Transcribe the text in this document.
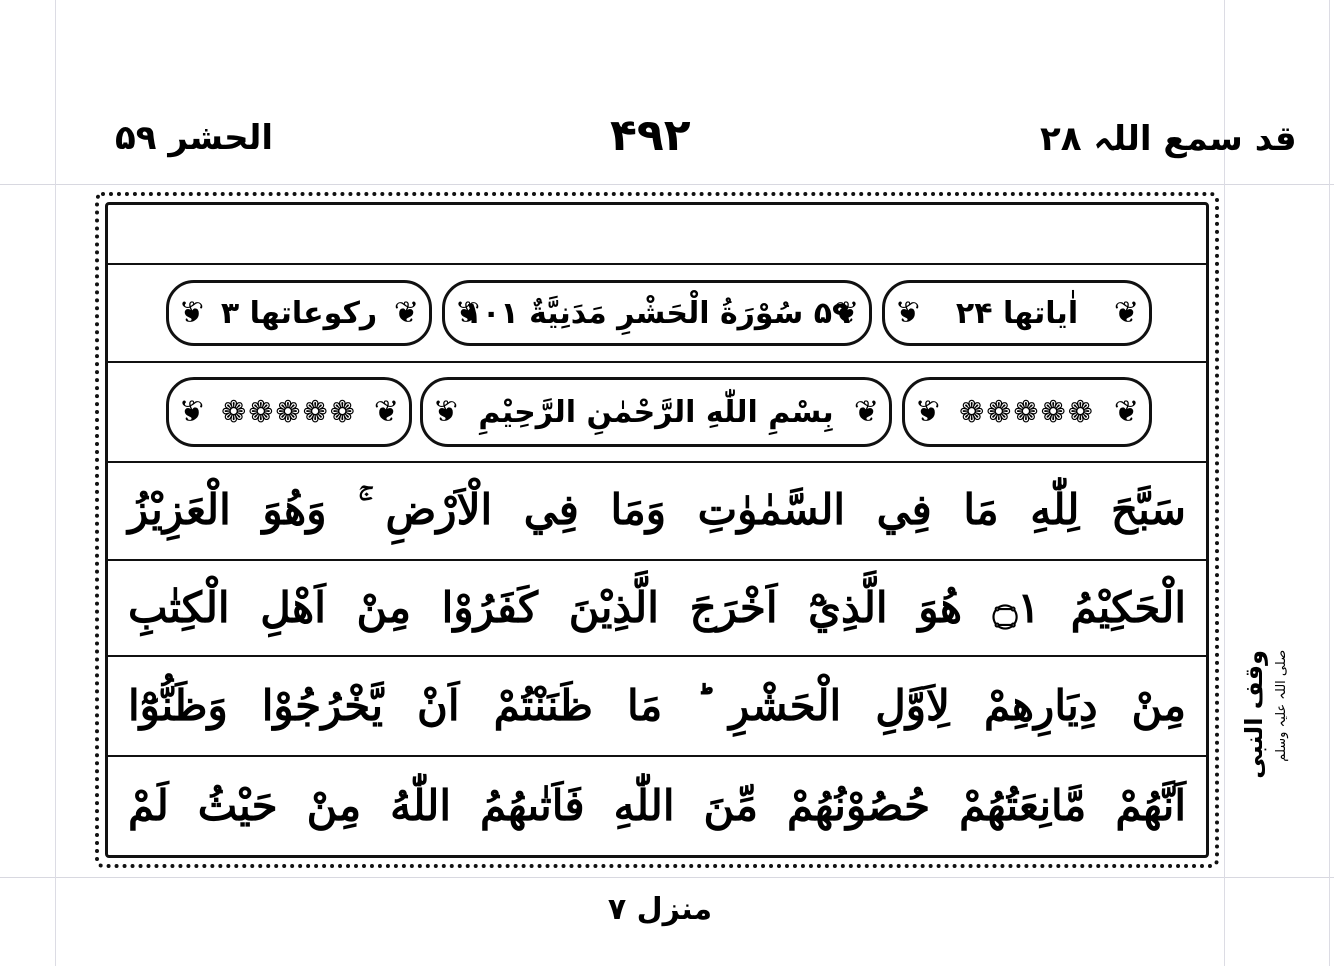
الحشر ۵۹	۴۹۲	قد سمع اللہ ۲۸
❦ رکوعاتھا ۳
❦	❦ ۵۹ سُوْرَةُ الْحَشْرِ مَدَنِيَّةٌ ۱۰۱
❦	❦ اٰیاتھا ۲۴
❦
❦ ❁❁❁❁❁
❦	❦ بِسْمِ اللّٰهِ الرَّحْمٰنِ الرَّحِيْمِ
❦	❦ ❁❁❁❁❁
❦
سَبَّحَ لِلّٰهِ مَا فِي السَّمٰوٰتِ وَمَا فِي الْاَرْضِ ۚ وَهُوَ الْعَزِيْزُ
الْحَكِيْمُ ۝١ هُوَ الَّذِيْٓ اَخْرَجَ الَّذِيْنَ كَفَرُوْا مِنْ اَهْلِ الْكِتٰبِ
مِنْ دِيَارِهِمْ لِاَوَّلِ الْحَشْرِ ؕ مَا ظَنَنْتُمْ اَنْ يَّخْرُجُوْا وَظَنُّوْٓا
اَنَّهُمْ مَّانِعَتُهُمْ حُصُوْنُهُمْ مِّنَ اللّٰهِ فَاَتٰىهُمُ اللّٰهُ مِنْ حَيْثُ لَمْ
وقف النبی صلی اللہ علیہ وسلم
منزل ۷
